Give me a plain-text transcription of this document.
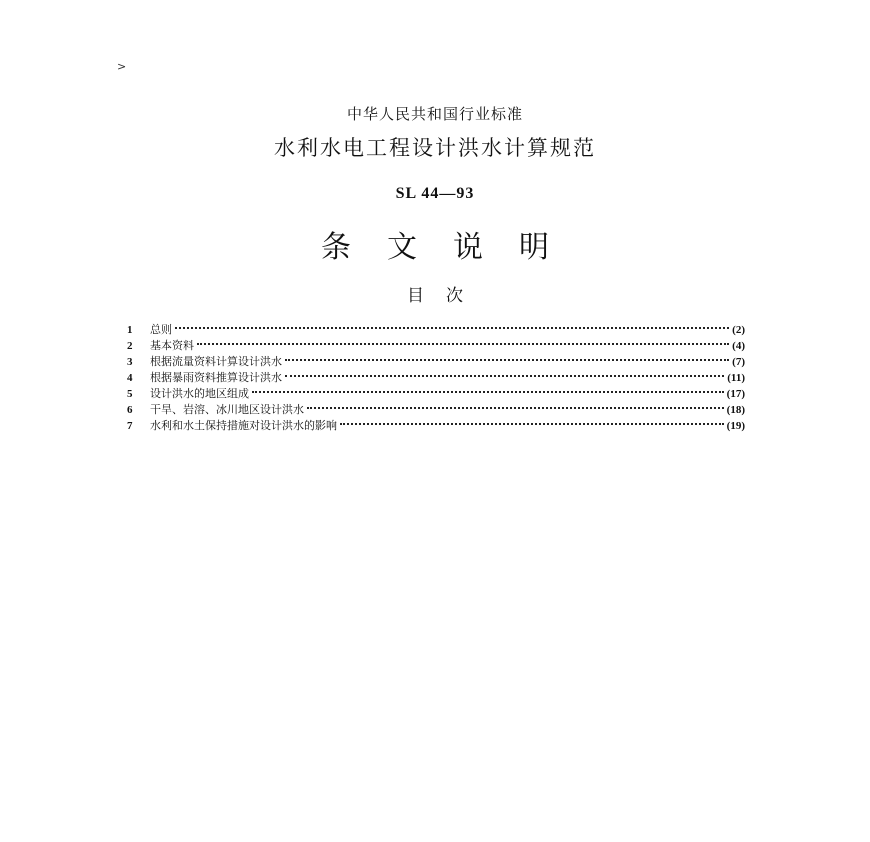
>
中华人民共和国行业标准
水利水电工程设计洪水计算规范
SL 44—93
条文说明
目次
1	总则	(2)
2	基本资料	(4)
3	根据流量资料计算设计洪水	(7)
4	根据暴雨资料推算设计洪水	(11)
5	设计洪水的地区组成	(17)
6	干旱、岩溶、冰川地区设计洪水	(18)
7	水利和水土保持措施对设计洪水的影响	(19)
